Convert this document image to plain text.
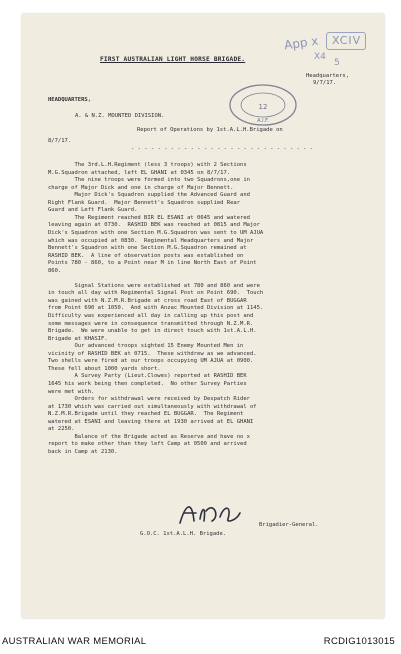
App x XCIV
X4
5
12
A.I.F.
FIRST AUSTRALIAN LIGHT HORSE BRIGADE.
Headquarters,
9/7/17.
HEADQUARTERS,
A. & N.Z. MOUNTED DIVISION.
Report of Operations by 1st.A.L.H.Brigade on
8/7/17.
- - - - - - - - - - - - - - - - - - - - - - - - - - - -
The 3rd.L.H.Regiment (less 3 troops) with 2 Sections
M.G.Squadron attached, left EL GHANI at 0345 on 8/7/17.
The nine troops were formed into two Squadrons,one in
charge of Major Dick and one in charge of Major Bennett.
Major Dick's Squadron supplied the Advanced Guard and
Right Flank Guard.  Major Bennett's Squadron supplied Rear
Guard and Left Flank Guard.
The Regiment reached BIR EL ESANI at 0645 and watered
leaving again at 0730.  RASHID BEK was reached at 0815 and Major
Dick's Squadron with one Section M.G.Squadron was sent to UM AJUA
which was occupied at 0830.  Regimental Headquarters and Major
Bennett's Squadron with one Section M.G.Squadron remained at
RASHID BEK.  A line of observation posts was established on
Points 780 - 860, to a Point near M in line North East of Point
860.
Signal Stations were established at 780 and 860 and were
in touch all day with Regimental Signal Post on Point 690.  Touch
was gained with N.Z.M.R.Brigade at cross road East of BUGGAR
from Point 690 at 1050.  And with Anzac Mounted Division at 1145.
Difficulty was experienced all day in calling up this post and
some messages were in consequence transmitted through N.Z.M.R.
Brigade.  We were unable to get in direct touch with 1st.A.L.H.
Brigade at KHASIF.
Our advanced troops sighted 15 Enemy Mounted Men in
vicinity of RASHID BEK at 0715.  These withdrew as we advanced.
Two shells were fired at our troops occupying UM AJUA at 0900.
These fell about 1000 yards short.
A Survey Party (Lieut.Clowes) reported at RASHID BEK
1645 his work being then completed.  No other Survey Parties
were met with.
Orders for withdrawal were received by Despatch Rider
at 1730 which was carried out simultaneously with withdrawal of
N.Z.M.R.Brigade until they reached EL BUGGAR.  The Regiment
watered at ESANI and leaving there at 1930 arrived at EL GHANI
at 2250.
Balance of the Brigade acted as Reserve and have no x
report to make other than they left Camp at 0500 and arrived
back in Camp at 2130.
Brigadier-General.
G.O.C. 1st.A.L.H. Brigade.
AUSTRALIAN WAR MEMORIAL	RCDIG1013015
